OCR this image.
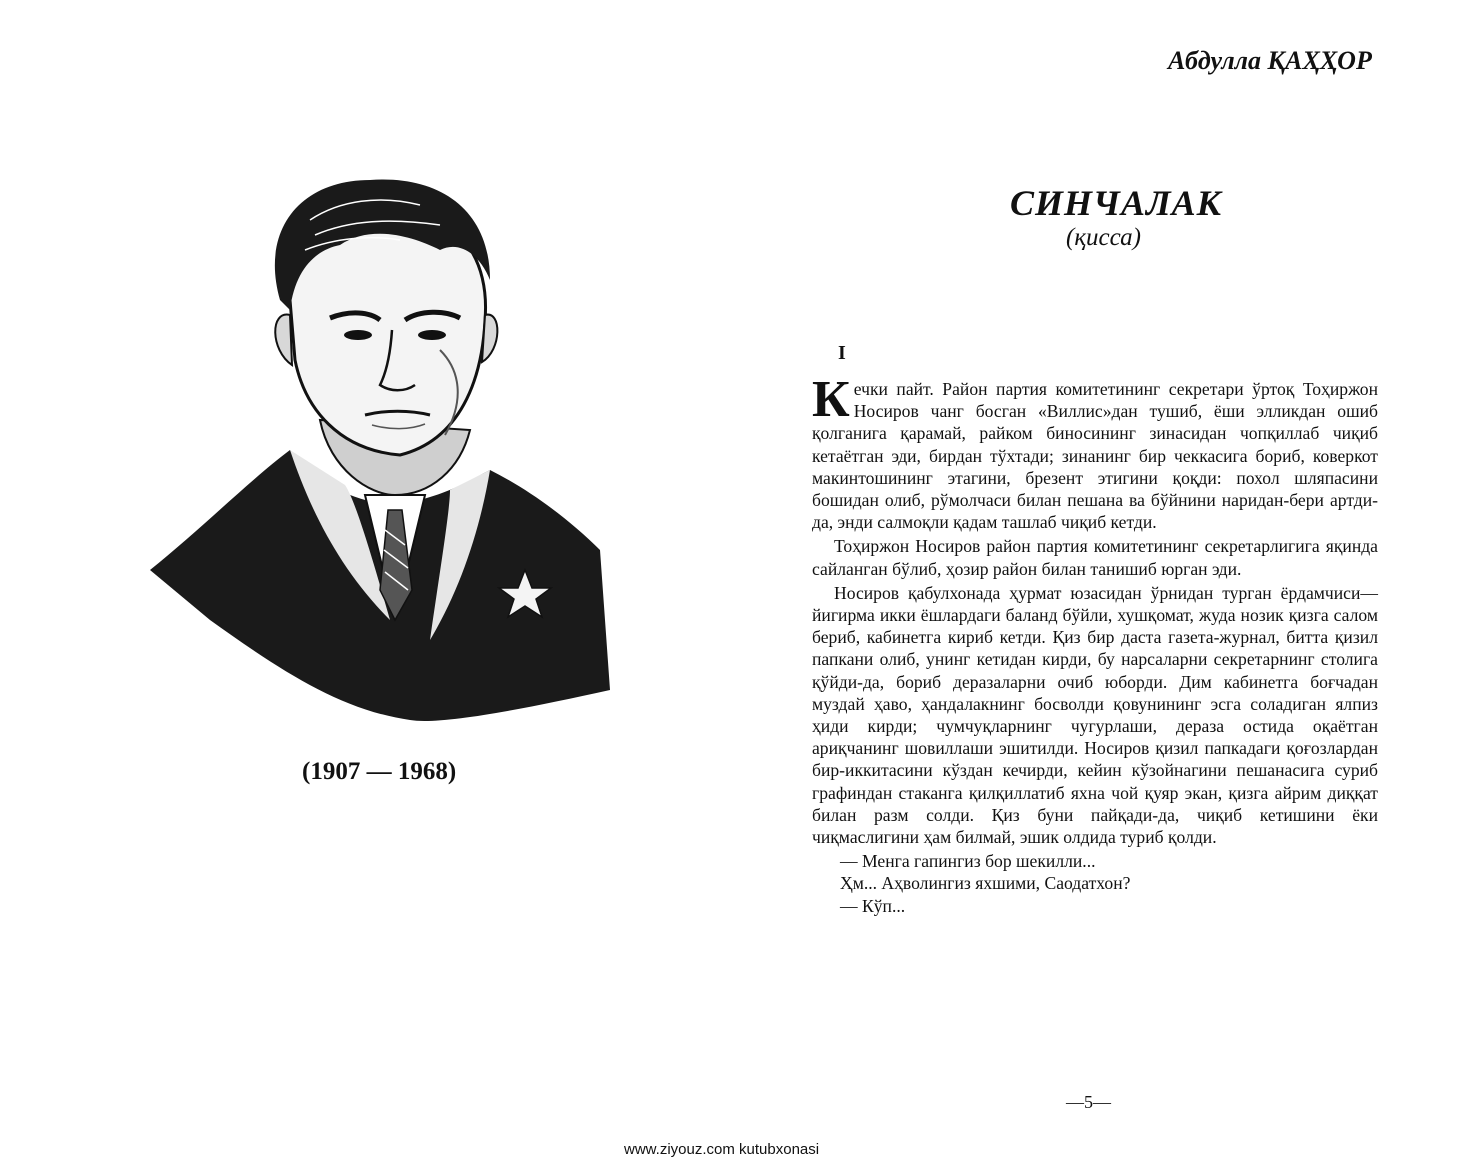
Абдулла ҚАҲҲОР
(1907 — 1968)
СИНЧАЛАК
(қисса)
I

Кечки пайт. Район партия комитетининг секретари ўртоқ Тоҳиржон Носиров чанг босган «Виллис»дан тушиб, ёши элликдан ошиб қолганига қарамай, райком биносининг зинасидан чопқиллаб чиқиб кетаётган эди, бирдан тўхтади; зинанинг бир чеккасига бориб, коверкот макинтошининг этагини, брезент этигини қоқди: похол шляпасини бошидан олиб, рўмолчаси билан пешана ва бўйнини наридан-бери артди-да, энди салмоқли қадам ташлаб чиқиб кетди.

Тоҳиржон Носиров район партия комитетининг секретарлигига яқинда сайланган бўлиб, ҳозир район билан танишиб юрган эди.

Носиров қабулхонада ҳурмат юзасидан ўрнидан турган ёрдамчиси—йигирма икки ёшлардаги баланд бўйли, хушқомат, жуда нозик қизга салом бериб, кабинетга кириб кетди. Қиз бир даста газета-журнал, битта қизил папкани олиб, унинг кетидан кирди, бу нарсаларни секретарнинг столига қўйди-да, бориб деразаларни очиб юборди. Дим кабинетга боғчадан муздай ҳаво, ҳандалакнинг босволди қовунининг эсга соладиган ялпиз ҳиди кирди; чумчуқларнинг чугурлаши, дераза остида оқаётган ариқчанинг шовиллаши эшитилди. Носиров қизил папкадаги қоғозлардан бир-иккитасини кўздан кечирди, кейин кўзойнагини пешанасига суриб графиндан стаканга қилқиллатиб яхна чой қуяр экан, қизга айрим диққат билан разм солди. Қиз буни пайқади-да, чиқиб кетишини ёки чиқмаслигини ҳам билмай, эшик олдида туриб қолди.

— Менга гапингиз бор шекилли...

Ҳм... Аҳволингиз яхшими, Саодатхон?

— Кўп...

—5—
www.ziyouz.com kutubxonasi
